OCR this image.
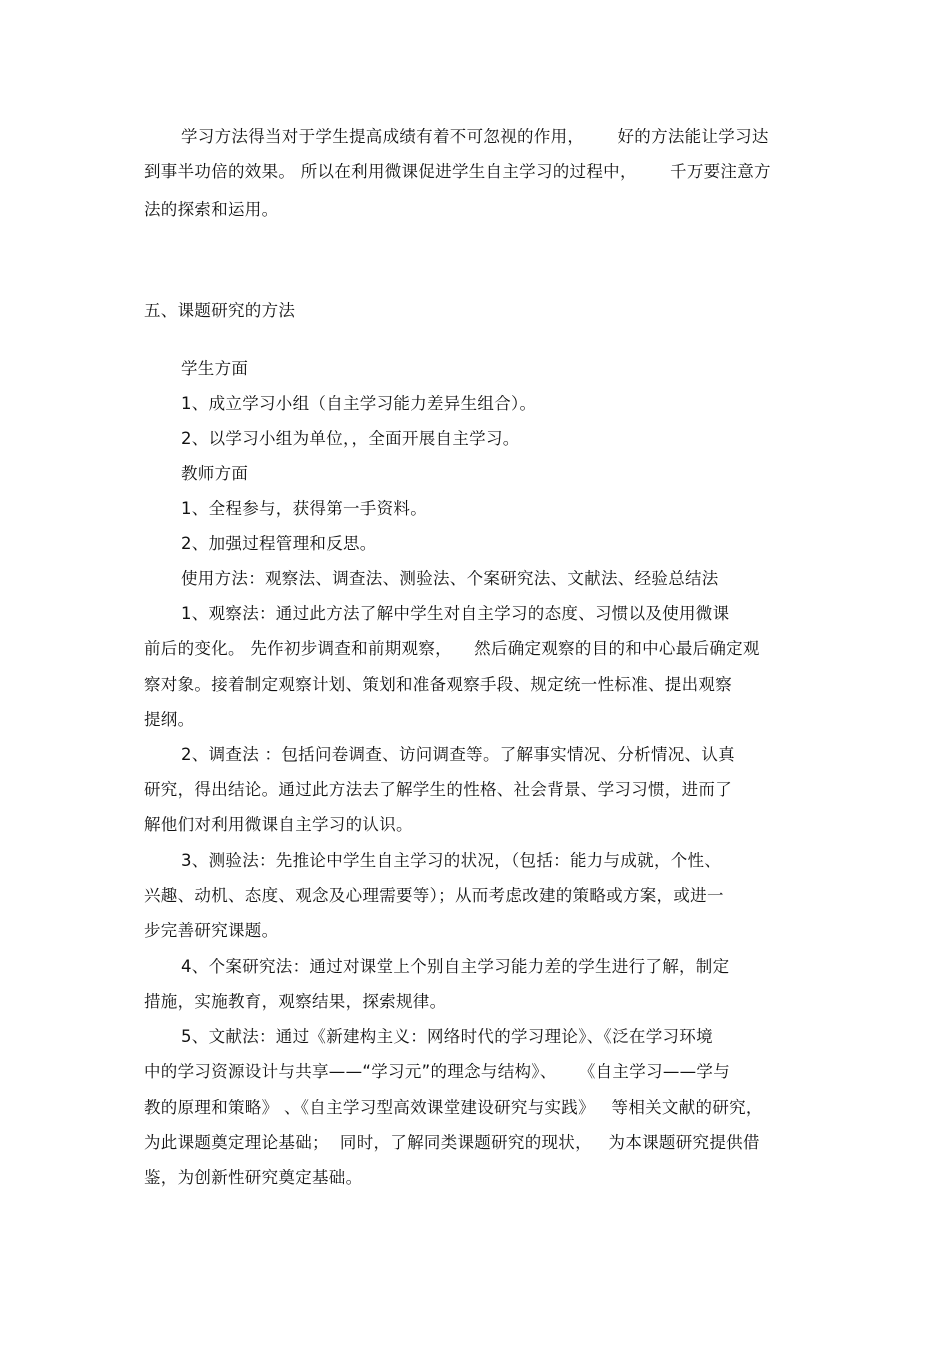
学习方法得当对于学生提高成绩有着不可忽视的作用，      好的方法能让学习达
到事半功倍的效果。 所以在利用微课促进学生自主学习的过程中，      千万要注意方
法的探索和运用。
五、课题研究的方法
学生方面
1、成立学习小组（自主学习能力差异生组合）。
2、以学习小组为单位，，全面开展自主学习。
教师方面
1、全程参与，获得第一手资料。
2、加强过程管理和反思。
使用方法：观察法、调查法、测验法、个案研究法、文献法、经验总结法
1、观察法：通过此方法了解中学生对自主学习的态度、习惯以及使用微课
前后的变化。 先作初步调查和前期观察，    然后确定观察的目的和中心最后确定观
察对象。接着制定观察计划、策划和准备观察手段、规定统一性标准、提出观察
提纲。
2、调查法 ：包括问卷调查、访问调查等。了解事实情况、分析情况、认真
研究，得出结论。通过此方法去了解学生的性格、社会背景、学习习惯，进而了
解他们对利用微课自主学习的认识。
3、测验法：先推论中学生自主学习的状况，（包括：能力与成就，个性、
兴趣、动机、态度、观念及心理需要等）；从而考虑改建的策略或方案，或进一
步完善研究课题。
4、个案研究法：通过对课堂上个别自主学习能力差的学生进行了解，制定
措施，实施教育，观察结果，探索规律。
5、文献法：通过《新建构主义：网络时代的学习理论》、《泛在学习环境
中的学习资源设计与共享——“学习元”的理念与结构》、    《自主学习——学与
教的原理和策略》 、《自主学习型高效课堂建设研究与实践》   等相关文献的研究，
为此课题奠定理论基础；  同时，了解同类课题研究的现状，   为本课题研究提供借
鉴，为创新性研究奠定基础。
